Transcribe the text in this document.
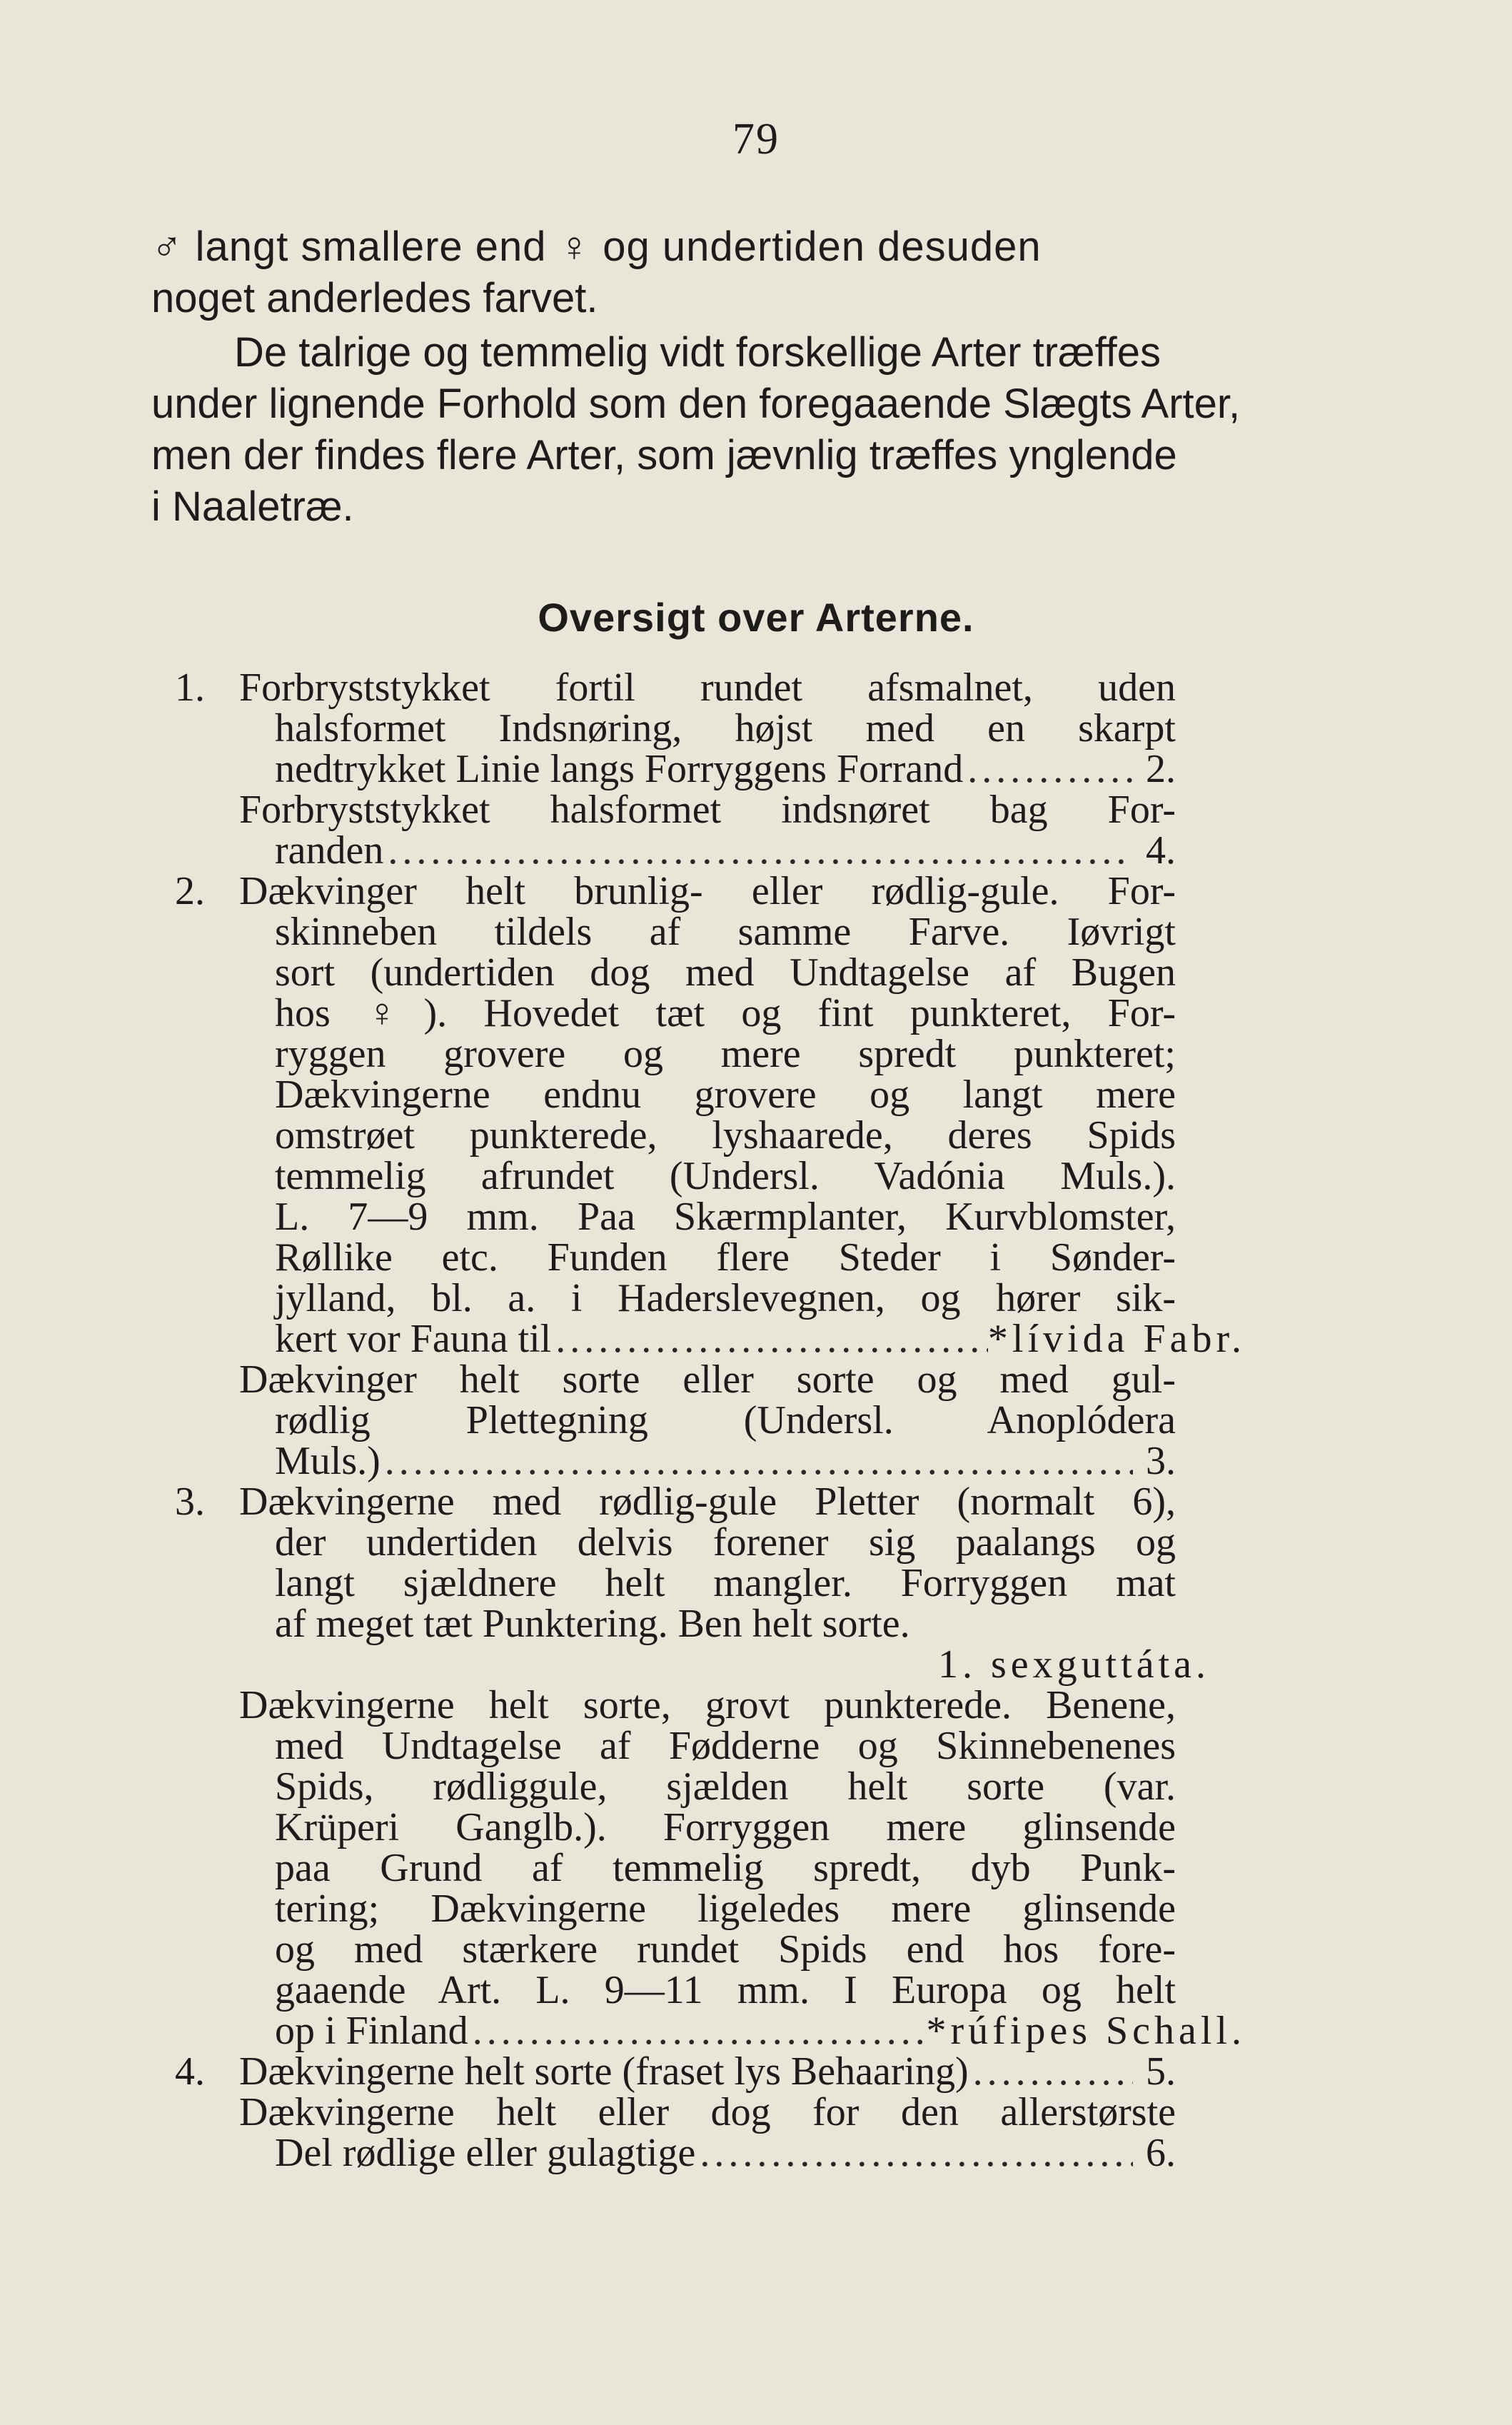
79

♂ langt smallere end ♀ og undertiden desuden

noget anderledes farvet.

De talrige og temmelig vidt forskellige Arter træffes

under lignende Forhold som den foregaaende Slægts Arter,

men der findes flere Arter, som jævnlig træffes ynglende

i Naaletræ.

Oversigt over Arterne.
1. Forbryststykket fortil rundet afsmalnet, uden
halsformet Indsnøring, højst med en skarpt
nedtrykket Linie langs Forryggens Forrand .....	2.
Forbryststykket halsformet indsnøret bag For-
randen .....	4.
2. Dækvinger helt brunlig- eller rødlig-gule. For-
skinneben tildels af samme Farve. Iøvrigt
sort (undertiden dog med Undtagelse af Bugen
hos ♀). Hovedet tæt og fint punkteret, For-
ryggen grovere og mere spredt punkteret;
Dækvingerne endnu grovere og langt mere
omstrøet punkterede, lyshaarede, deres Spids
temmelig afrundet (Undersl. Vadónia Muls.).
L. 7—9 mm. Paa Skærmplanter, Kurvblomster,
Røllike etc. Funden flere Steder i Sønder-
jylland, bl. a. i Haderslevegnen, og hører sik-
kert vor Fauna til .....	*lívida Fabr.
Dækvinger helt sorte eller sorte og med gul-
rødlig Plettegning (Undersl. Anoplódera
Muls.) .....	3.
3. Dækvingerne med rødlig-gule Pletter (normalt 6),
der undertiden delvis forener sig paalangs og
langt sjældnere helt mangler. Forryggen mat
af meget tæt Punktering. Ben helt sorte.
1. sexguttáta.
Dækvingerne helt sorte, grovt punkterede. Benene,
med Undtagelse af Fødderne og Skinnebenenes
Spids, rødliggule, sjælden helt sorte (var.
Krüperi Ganglb.). Forryggen mere glinsende
paa Grund af temmelig spredt, dyb Punk-
tering; Dækvingerne ligeledes mere glinsende
og med stærkere rundet Spids end hos fore-
gaaende Art. L. 9—11 mm. I Europa og helt
op i Finland .....	*rúfipes Schall.
4. Dækvingerne helt sorte (fraset lys Behaaring) .....	5.
Dækvingerne helt eller dog for den allerstørste
Del rødlige eller gulagtige .....	6.
